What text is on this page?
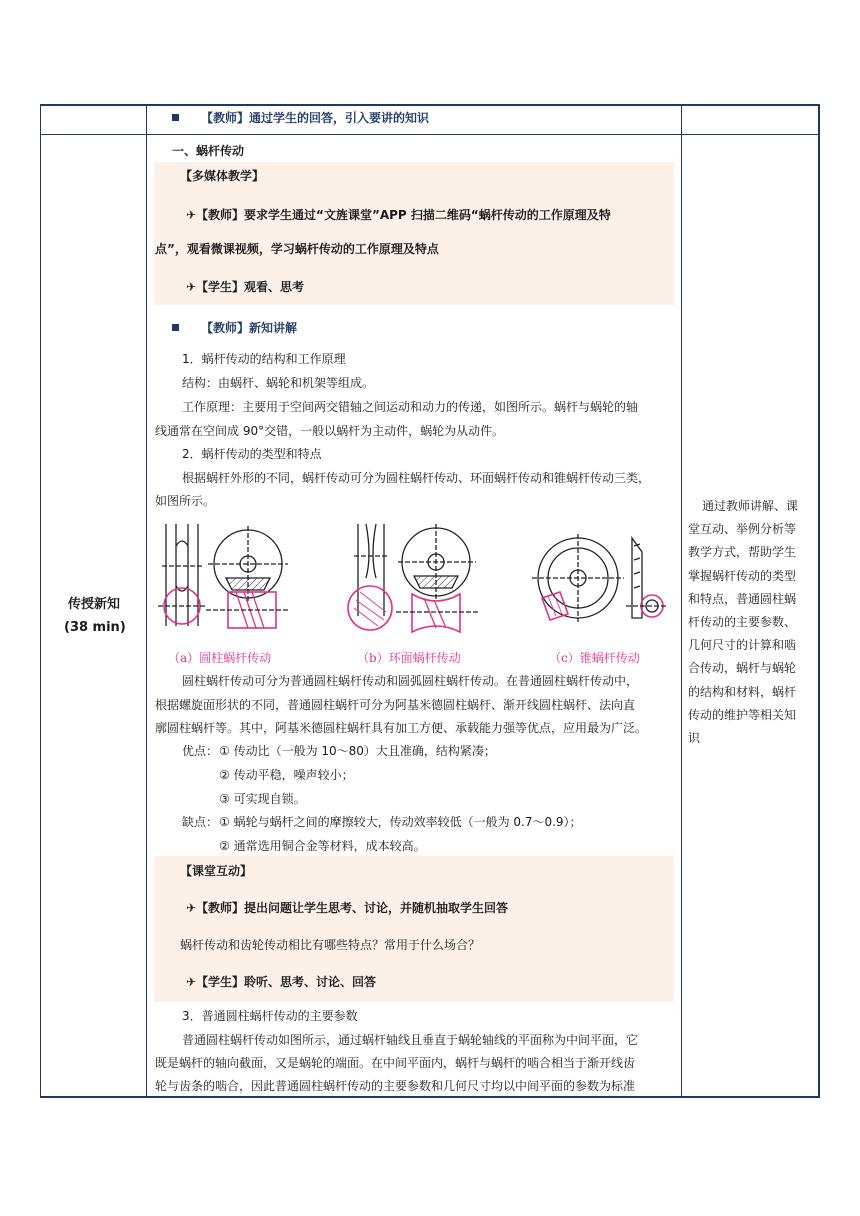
【教师】通过学生的回答，引入要讲的知识
传授新知
(38 min)
通过教师讲解、课
堂互动、举例分析等
教学方式，帮助学生
掌握蜗杆传动的类型
和特点，普通圆柱蜗
杆传动的主要参数、
几何尺寸的计算和啮
合传动，蜗杆与蜗轮
的结构和材料，蜗杆
传动的维护等相关知
识
一、蜗杆传动
【多媒体教学】
✈【教师】要求学生通过“文旌课堂”APP 扫描二维码“蜗杆传动的工作原理及特
点”，观看微课视频，学习蜗杆传动的工作原理及特点
✈【学生】观看、思考
【教师】新知讲解
1．蜗杆传动的结构和工作原理
结构：由蜗杆、蜗轮和机架等组成。
工作原理：主要用于空间两交错轴之间运动和动力的传递，如图所示。蜗杆与蜗轮的轴
线通常在空间成 90°交错，一般以蜗杆为主动件，蜗轮为从动件。
2．蜗杆传动的类型和特点
根据蜗杆外形的不同，蜗杆传动可分为圆柱蜗杆传动、环面蜗杆传动和锥蜗杆传动三类，
如图所示。
（a）圆柱蜗杆传动	（b）环面蜗杆传动	（c）锥蜗杆传动
圆柱蜗杆传动可分为普通圆柱蜗杆传动和圆弧圆柱蜗杆传动。在普通圆柱蜗杆传动中，
根据螺旋面形状的不同，普通圆柱蜗杆可分为阿基米德圆柱蜗杆、渐开线圆柱蜗杆、法向直
廓圆柱蜗杆等。其中，阿基米德圆柱蜗杆具有加工方便、承载能力强等优点，应用最为广泛。
优点： ① 传动比（一般为 10～80）大且准确，结构紧凑；
② 传动平稳，噪声较小；
③ 可实现自锁。
缺点： ① 蜗轮与蜗杆之间的摩擦较大，传动效率较低（一般为 0.7～0.9）；
② 通常选用铜合金等材料，成本较高。
【课堂互动】
✈【教师】提出问题让学生思考、讨论，并随机抽取学生回答
蜗杆传动和齿轮传动相比有哪些特点？常用于什么场合？
✈【学生】聆听、思考、讨论、回答
3．普通圆柱蜗杆传动的主要参数
普通圆柱蜗杆传动如图所示，通过蜗杆轴线且垂直于蜗轮轴线的平面称为中间平面，它
既是蜗杆的轴向截面，又是蜗轮的端面。在中间平面内，蜗杆与蜗杆的啮合相当于渐开线齿
轮与齿条的啮合，因此普通圆柱蜗杆传动的主要参数和几何尺寸均以中间平面的参数为标准
